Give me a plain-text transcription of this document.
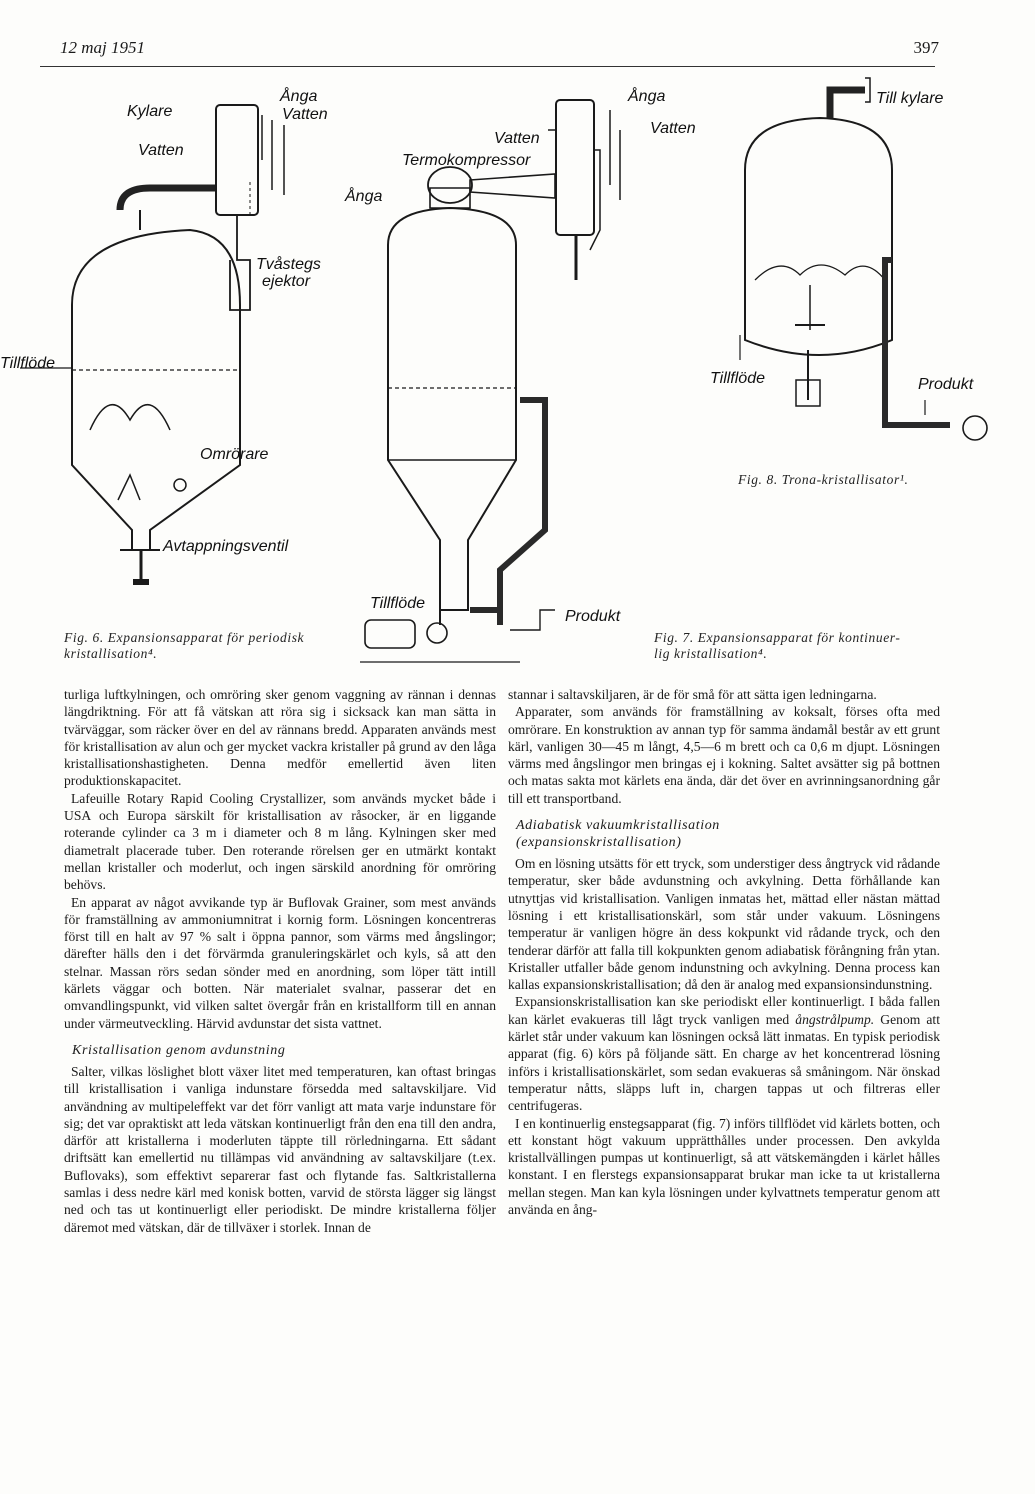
12 maj 1951	397
Kylare
Vatten
Ånga
Vatten
Tvåstegs
ejektor
Tillflöde
Omrörare
Avtappningsventil
Ånga
Vatten
Vatten
Termokompressor
Ånga
Tillflöde
Produkt
Till kylare
Tillflöde	Produkt
Fig. 8. Trona-kristallisator¹.
Fig. 6. Expansionsapparat för periodisk
kristallisation⁴.
Fig. 7. Expansionsapparat för kontinuer-
lig kristallisation⁴.

turliga luftkylningen, och omröring sker genom vaggning av rännan i dennas längdriktning. För att få vätskan att röra sig i sicksack kan man sätta in tvärväggar, som räcker över en del av rännans bredd. Apparaten används mest för kristallisation av alun och ger mycket vackra kristaller på grund av den låga kristallisationshastigheten. Denna medför emellertid även liten produktionskapacitet.

Lafeuille Rotary Rapid Cooling Crystallizer, som används mycket både i USA och Europa särskilt för kristallisation av råsocker, är en liggande roterande cylinder ca 3 m i diameter och 8 m lång. Kylningen sker med diametralt placerade tuber. Den roterande rörelsen ger en utmärkt kontakt mellan kristaller och moderlut, och ingen särskild anordning för omröring behövs.

En apparat av något avvikande typ är Buflovak Grainer, som mest används för framställning av ammoniumnitrat i kornig form. Lösningen koncentreras först till en halt av 97 % salt i öppna pannor, som värms med ångslingor; därefter hälls den i det förvärmda granuleringskärlet och kyls, så att den stelnar. Massan rörs sedan sönder med en anordning, som löper tätt intill kärlets väggar och botten. När materialet svalnar, passerar det en omvandlingspunkt, vid vilken saltet övergår från en kristallform till en annan under värmeutveckling. Härvid avdunstar det sista vattnet.

Kristallisation genom avdunstning

Salter, vilkas löslighet blott växer litet med temperaturen, kan oftast bringas till kristallisation i vanliga indunstare försedda med saltavskiljare. Vid användning av multipeleffekt var det förr vanligt att mata varje indunstare för sig; det var opraktiskt att leda vätskan kontinuerligt från den ena till den andra, därför att kristallerna i moderluten täppte till rörledningarna. Ett sådant driftsätt kan emellertid nu tillämpas vid användning av saltavskiljare (t.ex. Buflovaks), som effektivt separerar fast och flytande fas. Saltkristallerna samlas i dess nedre kärl med konisk botten, varvid de största lägger sig längst ned och tas ut kontinuerligt eller periodiskt. De mindre kristallerna följer däremot med vätskan, där de tillväxer i storlek. Innan de

stannar i saltavskiljaren, är de för små för att sätta igen ledningarna.

Apparater, som används för framställning av koksalt, förses ofta med omrörare. En konstruktion av annan typ för samma ändamål består av ett grunt kärl, vanligen 30—45 m långt, 4,5—6 m brett och ca 0,6 m djupt. Lösningen värms med ångslingor men bringas ej i kokning. Saltet avsätter sig på bottnen och matas sakta mot kärlets ena ända, där det över en avrinningsanordning går till ett transportband.

Adiabatisk vakuumkristallisation
(expansionskristallisation)

Om en lösning utsätts för ett tryck, som understiger dess ångtryck vid rådande temperatur, sker både avdunstning och avkylning. Detta förhållande kan utnyttjas vid kristallisation. Vanligen inmatas het, mättad eller nästan mättad lösning i ett kristallisationskärl, som står under vakuum. Lösningens temperatur är vanligen högre än dess kokpunkt vid rådande tryck, och den tenderar därför att falla till kokpunkten genom adiabatisk förångning från ytan. Kristaller utfaller både genom indunstning och avkylning. Denna process kan kallas expansionskristallisation; då den är analog med expansionsindunstning.

Expansionskristallisation kan ske periodiskt eller kontinuerligt. I båda fallen kan kärlet evakueras till lågt tryck vanligen med ångstrålpump. Genom att kärlet står under vakuum kan lösningen också lätt inmatas. En typisk periodisk apparat (fig. 6) körs på följande sätt. En charge av het koncentrerad lösning införs i kristallisationskärlet, som sedan evakueras så småningom. När önskad temperatur nåtts, släpps luft in, chargen tappas ut och filtreras eller centrifugeras.

I en kontinuerlig enstegsapparat (fig. 7) införs tillflödet vid kärlets botten, och ett konstant högt vakuum upprätthålles under processen. Den avkylda kristallvällingen pumpas ut kontinuerligt, så att vätskemängden i kärlet hålles konstant. I en flerstegs expansionsapparat brukar man icke ta ut kristallerna mellan stegen. Man kan kyla lösningen under kylvattnets temperatur genom att använda en ång-
